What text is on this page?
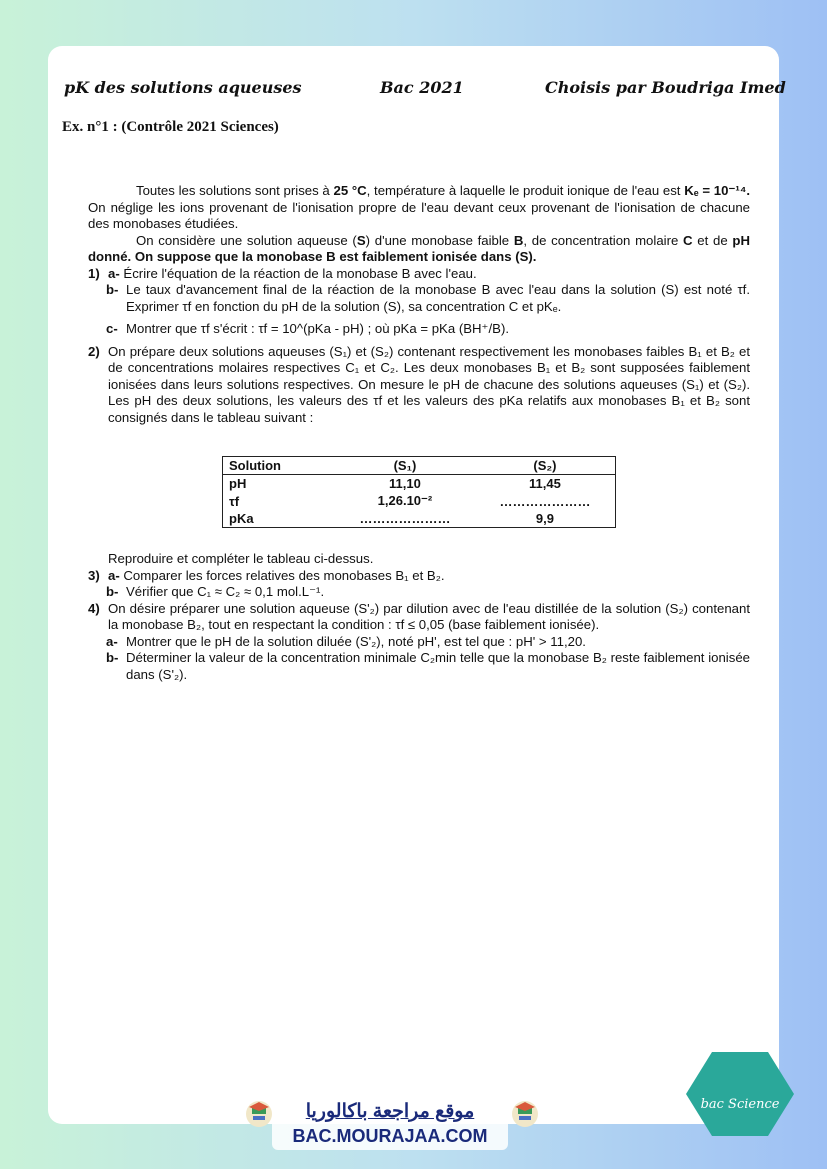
pK des solutions aqueuses	Bac 2021	Choisis par Boudriga Imed
Ex. n°1 : (Contrôle 2021 Sciences)

Toutes les solutions sont prises à 25 °C, température à laquelle le produit ionique de l'eau est Kₑ = 10⁻¹⁴. On néglige les ions provenant de l'ionisation propre de l'eau devant ceux provenant de l'ionisation de chacune des monobases étudiées.

On considère une solution aqueuse (S) d'une monobase faible B, de concentration molaire C et de pH donné. On suppose que la monobase B est faiblement ionisée dans (S).

1) a- Écrire l'équation de la réaction de la monobase B avec l'eau.

b- Le taux d'avancement final de la réaction de la monobase B avec l'eau dans la solution (S) est noté τf. Exprimer τf en fonction du pH de la solution (S), sa concentration C et pKₑ.

c- Montrer que τf s'écrit : τf = 10^(pKa - pH) ; où pKa = pKa (BH⁺/B).

2) On prépare deux solutions aqueuses (S₁) et (S₂) contenant respectivement les monobases faibles B₁ et B₂ et de concentrations molaires respectives C₁ et C₂. Les deux monobases B₁ et B₂ sont supposées faiblement ionisées dans leurs solutions respectives. On mesure le pH de chacune des solutions aqueuses (S₁) et (S₂). Les pH des deux solutions, les valeurs des τf et les valeurs des pKa relatifs aux monobases B₁ et B₂ sont consignés dans le tableau suivant :

Solution	(S₁)	(S₂)
pH	11,10	11,45
τf	1,26.10⁻²	…………………
pKa	…………………	9,9

Reproduire et compléter le tableau ci-dessus.

3) a- Comparer les forces relatives des monobases B₁ et B₂.

b- Vérifier que C₁ ≈ C₂ ≈ 0,1 mol.L⁻¹.

4) On désire préparer une solution aqueuse (S'₂) par dilution avec de l'eau distillée de la solution (S₂) contenant la monobase B₂, tout en respectant la condition : τf ≤ 0,05 (base faiblement ionisée).

a- Montrer que le pH de la solution diluée (S'₂), noté pH', est tel que : pH' > 11,20.

b- Déterminer la valeur de la concentration minimale C₂min telle que la monobase B₂ reste faiblement ionisée dans (S'₂).

موقع مراجعة باكالوريا
BAC.MOURAJAA.COM
bac Science
